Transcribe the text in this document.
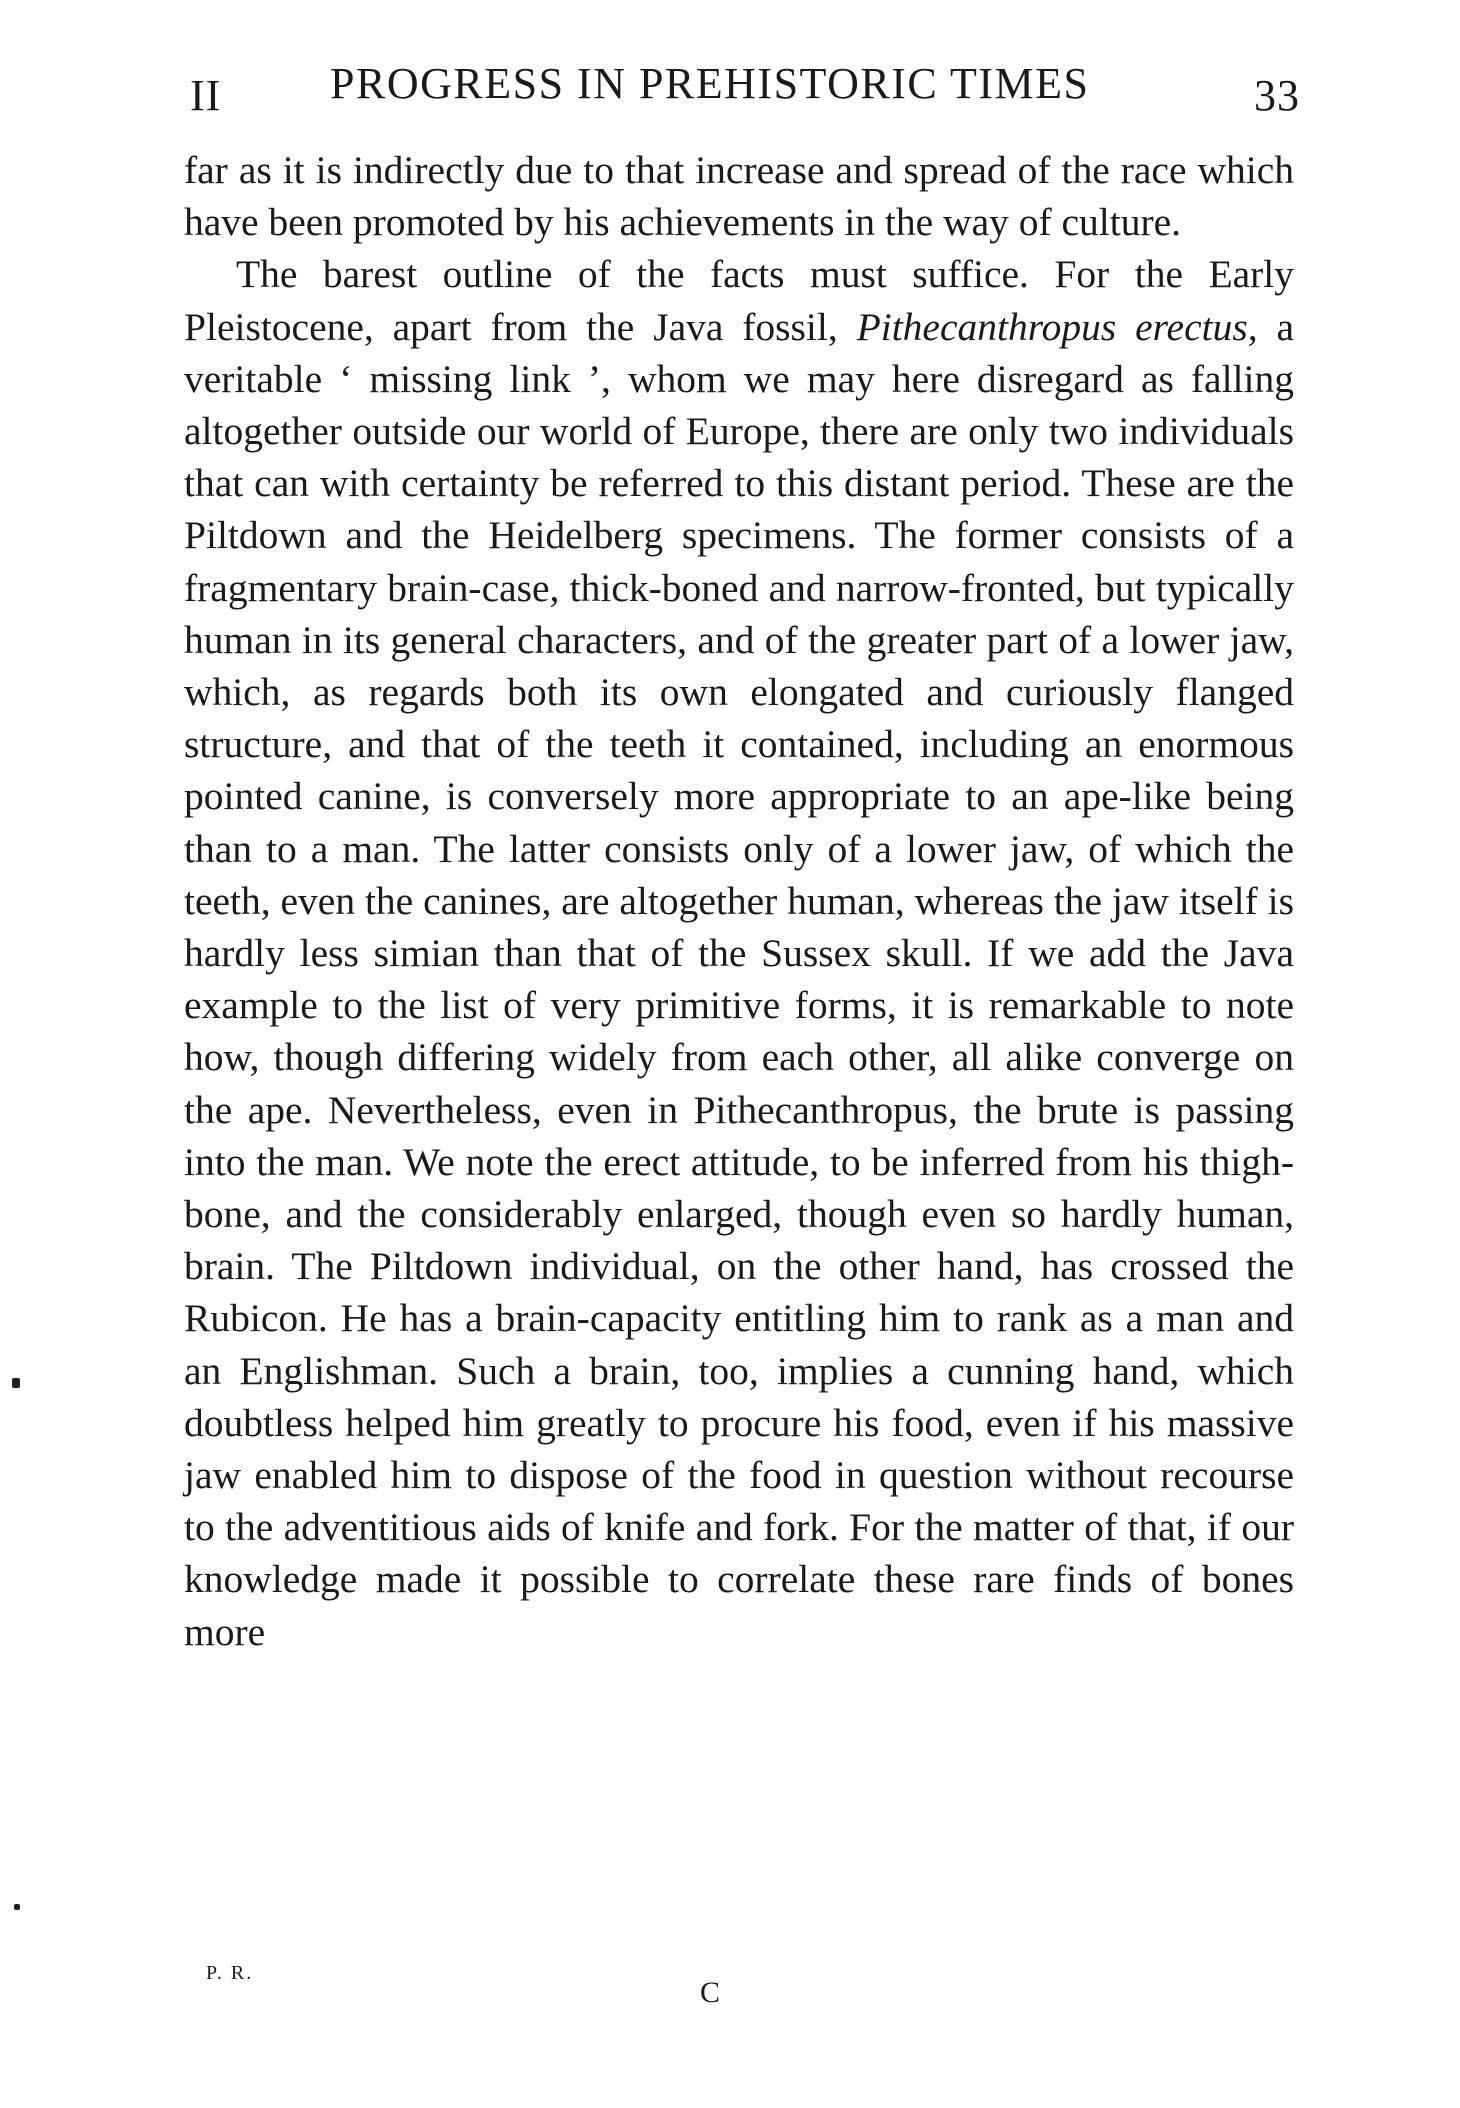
II PROGRESS IN PREHISTORIC TIMES	33

far as it is indirectly due to that increase and spread of the race which have been promoted by his achievements in the way of culture.

The barest outline of the facts must suffice. For the Early Pleistocene, apart from the Java fossil, Pithecanthropus erectus, a veritable ‘ missing link ’, whom we may here disregard as falling altogether outside our world of Europe, there are only two individuals that can with certainty be referred to this distant period. These are the Piltdown and the Heidelberg specimens. The former consists of a fragmentary brain-case, thick-boned and narrow-fronted, but typically human in its general characters, and of the greater part of a lower jaw, which, as regards both its own elongated and curiously flanged structure, and that of the teeth it contained, including an enormous pointed canine, is conversely more appropriate to an ape-like being than to a man. The latter consists only of a lower jaw, of which the teeth, even the canines, are altogether human, whereas the jaw itself is hardly less simian than that of the Sussex skull. If we add the Java example to the list of very primitive forms, it is remarkable to note how, though differing widely from each other, all alike converge on the ape. Nevertheless, even in Pithecanthropus, the brute is passing into the man. We note the erect attitude, to be inferred from his thigh-bone, and the considerably enlarged, though even so hardly human, brain. The Piltdown individual, on the other hand, has crossed the Rubicon. He has a brain-capacity entitling him to rank as a man and an Englishman. Such a brain, too, implies a cunning hand, which doubtless helped him greatly to procure his food, even if his massive jaw enabled him to dispose of the food in question without recourse to the adventitious aids of knife and fork. For the matter of that, if our knowledge made it possible to correlate these rare finds of bones more

P. R.
C
